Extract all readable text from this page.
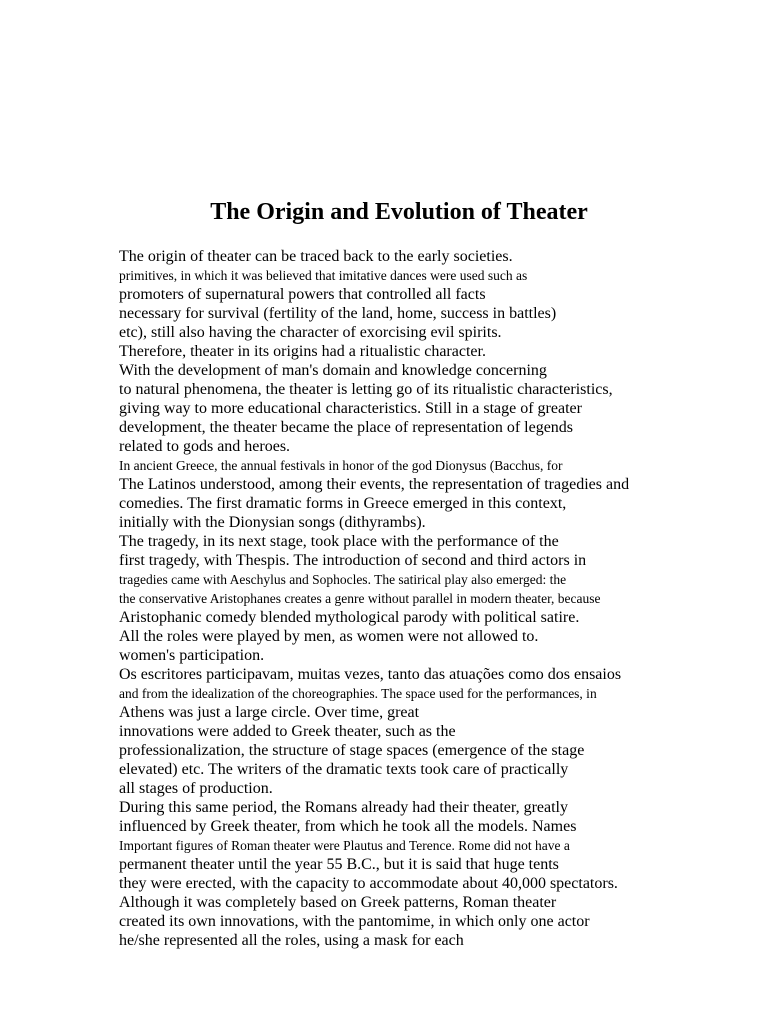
The Origin and Evolution of Theater
The origin of theater can be traced back to the early societies.
primitives, in which it was believed that imitative dances were used such as
promoters of supernatural powers that controlled all facts
necessary for survival (fertility of the land, home, success in battles)
etc), still also having the character of exorcising evil spirits.
Therefore, theater in its origins had a ritualistic character.
With the development of man's domain and knowledge concerning
to natural phenomena, the theater is letting go of its ritualistic characteristics,
giving way to more educational characteristics. Still in a stage of greater
development, the theater became the place of representation of legends
related to gods and heroes.
In ancient Greece, the annual festivals in honor of the god Dionysus (Bacchus, for
The Latinos understood, among their events, the representation of tragedies and
comedies. The first dramatic forms in Greece emerged in this context,
initially with the Dionysian songs (dithyrambs).
The tragedy, in its next stage, took place with the performance of the
first tragedy, with Thespis. The introduction of second and third actors in
tragedies came with Aeschylus and Sophocles. The satirical play also emerged: the
the conservative Aristophanes creates a genre without parallel in modern theater, because
Aristophanic comedy blended mythological parody with political satire.
All the roles were played by men, as women were not allowed to.
women's participation.
Os escritores participavam, muitas vezes, tanto das atuações como dos ensaios
and from the idealization of the choreographies. The space used for the performances, in
Athens was just a large circle. Over time, great
innovations were added to Greek theater, such as the
professionalization, the structure of stage spaces (emergence of the stage
elevated) etc. The writers of the dramatic texts took care of practically
all stages of production.
During this same period, the Romans already had their theater, greatly
influenced by Greek theater, from which he took all the models. Names
Important figures of Roman theater were Plautus and Terence. Rome did not have a
permanent theater until the year 55 B.C., but it is said that huge tents
they were erected, with the capacity to accommodate about 40,000 spectators.
Although it was completely based on Greek patterns, Roman theater
created its own innovations, with the pantomime, in which only one actor
he/she represented all the roles, using a mask for each
